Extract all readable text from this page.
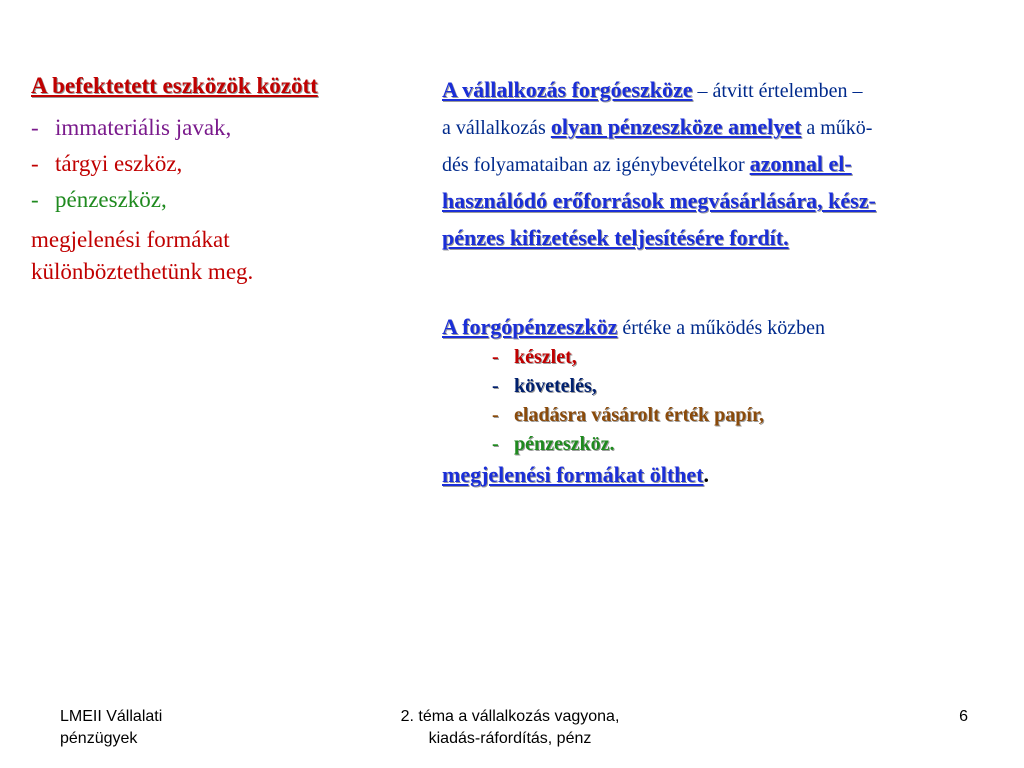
A befektetett eszközök között
- immateriális javak,
- tárgyi eszköz,
- pénzeszköz,
megjelenési formákat
különböztethetünk meg.
A vállalkozás forgóeszköze – átvitt értelemben –
a vállalkozás olyan pénzeszköze amelyet a műkö-
dés folyamataiban az igénybevételkor azonnal el-
használódó erőforrások megvásárlására, kész-
pénzes kifizetések teljesítésére fordít.
A forgópénzeszköz értéke a működés közben
- készlet,
- követelés,
- eladásra vásárolt érték papír,
- pénzeszköz.
megjelenési formákat ölthet.
LMEII Vállalati
pénzügyek
2. téma a vállalkozás vagyona,
kiadás-ráfordítás, pénz
6
